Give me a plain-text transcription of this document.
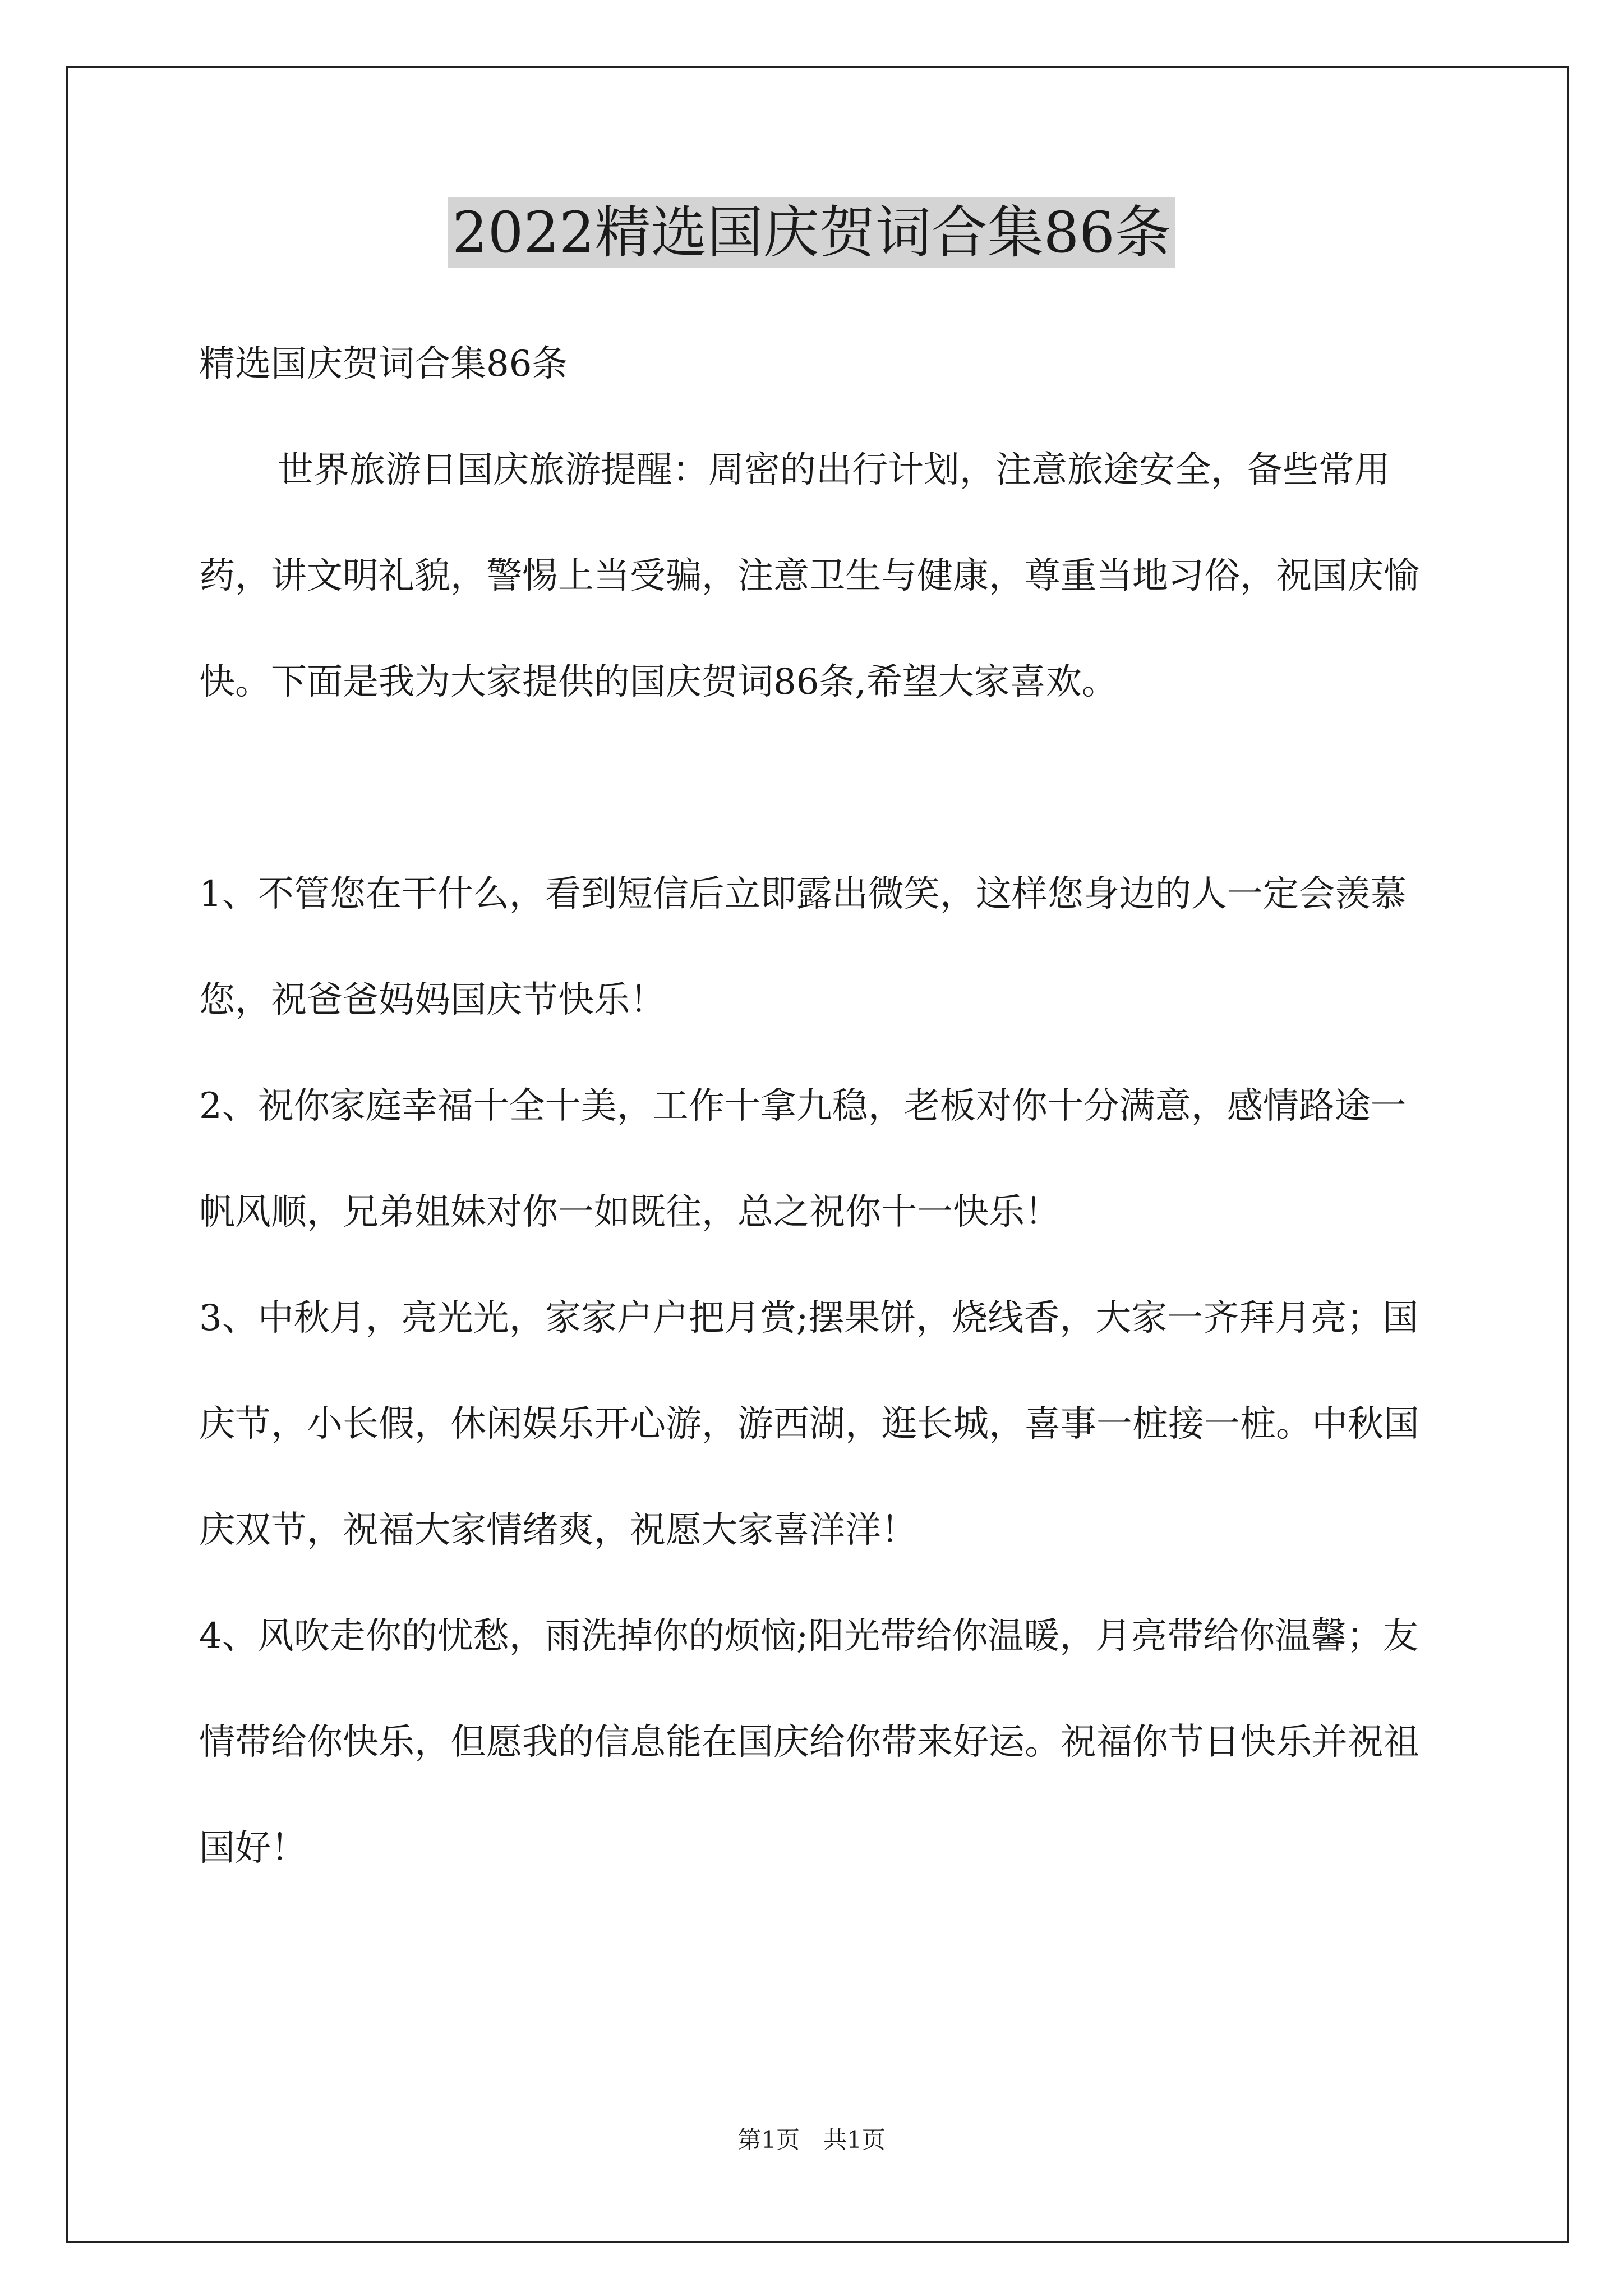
2022精选国庆贺词合集86条

精选国庆贺词合集86条

世界旅游日国庆旅游提醒：周密的出行计划，注意旅途安全，备些常用药，讲文明礼貌，警惕上当受骗，注意卫生与健康，尊重当地习俗，祝国庆愉快。下面是我为大家提供的国庆贺词86条,希望大家喜欢。

1、不管您在干什么，看到短信后立即露出微笑，这样您身边的人一定会羡慕您，祝爸爸妈妈国庆节快乐！

2、祝你家庭幸福十全十美，工作十拿九稳，老板对你十分满意，感情路途一帆风顺，兄弟姐妹对你一如既往，总之祝你十一快乐！

3、中秋月，亮光光，家家户户把月赏;摆果饼，烧线香，大家一齐拜月亮；国庆节，小长假，休闲娱乐开心游，游西湖，逛长城，喜事一桩接一桩。中秋国庆双节，祝福大家情绪爽，祝愿大家喜洋洋！

4、风吹走你的忧愁，雨洗掉你的烦恼;阳光带给你温暖，月亮带给你温馨；友情带给你快乐，但愿我的信息能在国庆给你带来好运。祝福你节日快乐并祝祖国好！

第1页　共1页
